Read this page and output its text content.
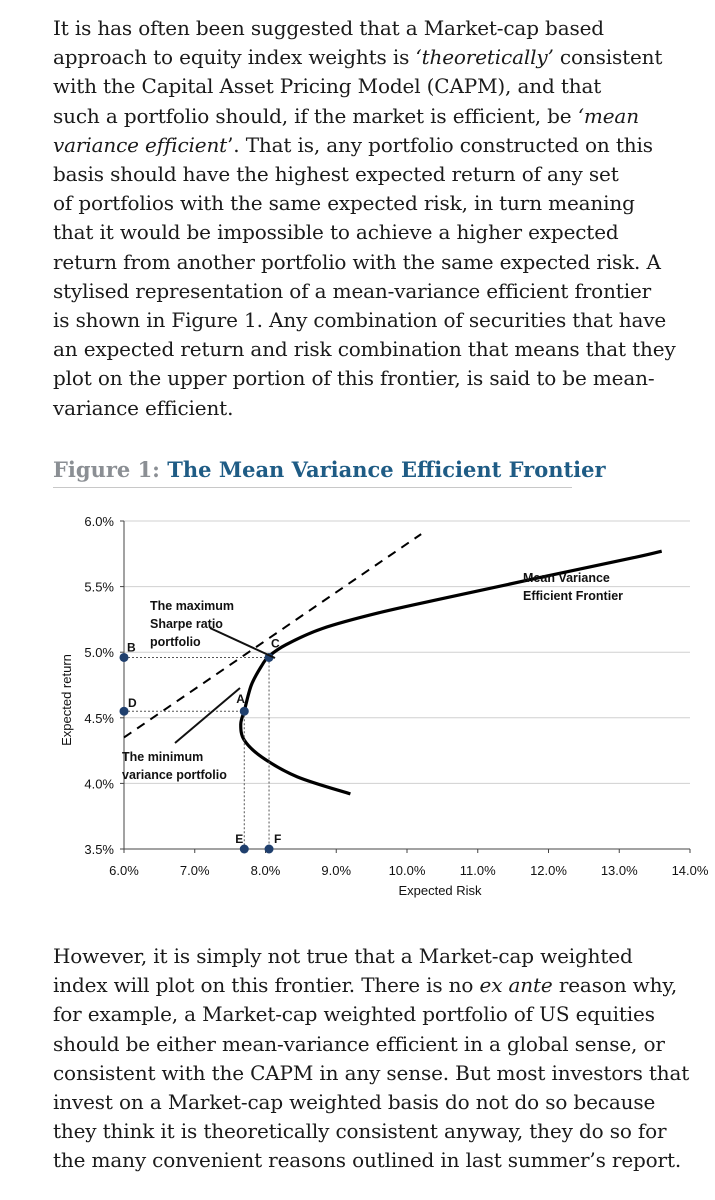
It is has often been suggested that a Market-cap based
approach to equity index weights is ‘theoretically’ consistent
with the Capital Asset Pricing Model (CAPM), and that
such a portfolio should, if the market is efficient, be ‘mean
variance efficient’. That is, any portfolio constructed on this
basis should have the highest expected return of any set
of portfolios with the same expected risk, in turn meaning
that it would be impossible to achieve a higher expected
return from another portfolio with the same expected risk. A
stylised representation of a mean-variance efficient frontier
is shown in Figure 1. Any combination of securities that have
an expected return and risk combination that means that they
plot on the upper portion of this frontier, is said to be mean-
variance efficient.
Figure 1: The Mean Variance Efficient Frontier
3.5%
4.0%
4.5%
5.0%
5.5%
6.0%
6.0%	7.0%	8.0%	9.0%	10.0%	11.0%	12.0%	13.0%	14.0%
Expected Risk
Expected return	A
B	C
D
E	F
Mean Variance
Efficient Frontier
The maximum
Sharpe ratio
portfolio
The minimum
variance portfolio
However, it is simply not true that a Market-cap weighted
index will plot on this frontier. There is no ex ante reason why,
for example, a Market-cap weighted portfolio of US equities
should be either mean-variance efficient in a global sense, or
consistent with the CAPM in any sense. But most investors that
invest on a Market-cap weighted basis do not do so because
they think it is theoretically consistent anyway, they do so for
the many convenient reasons outlined in last summer’s report.
